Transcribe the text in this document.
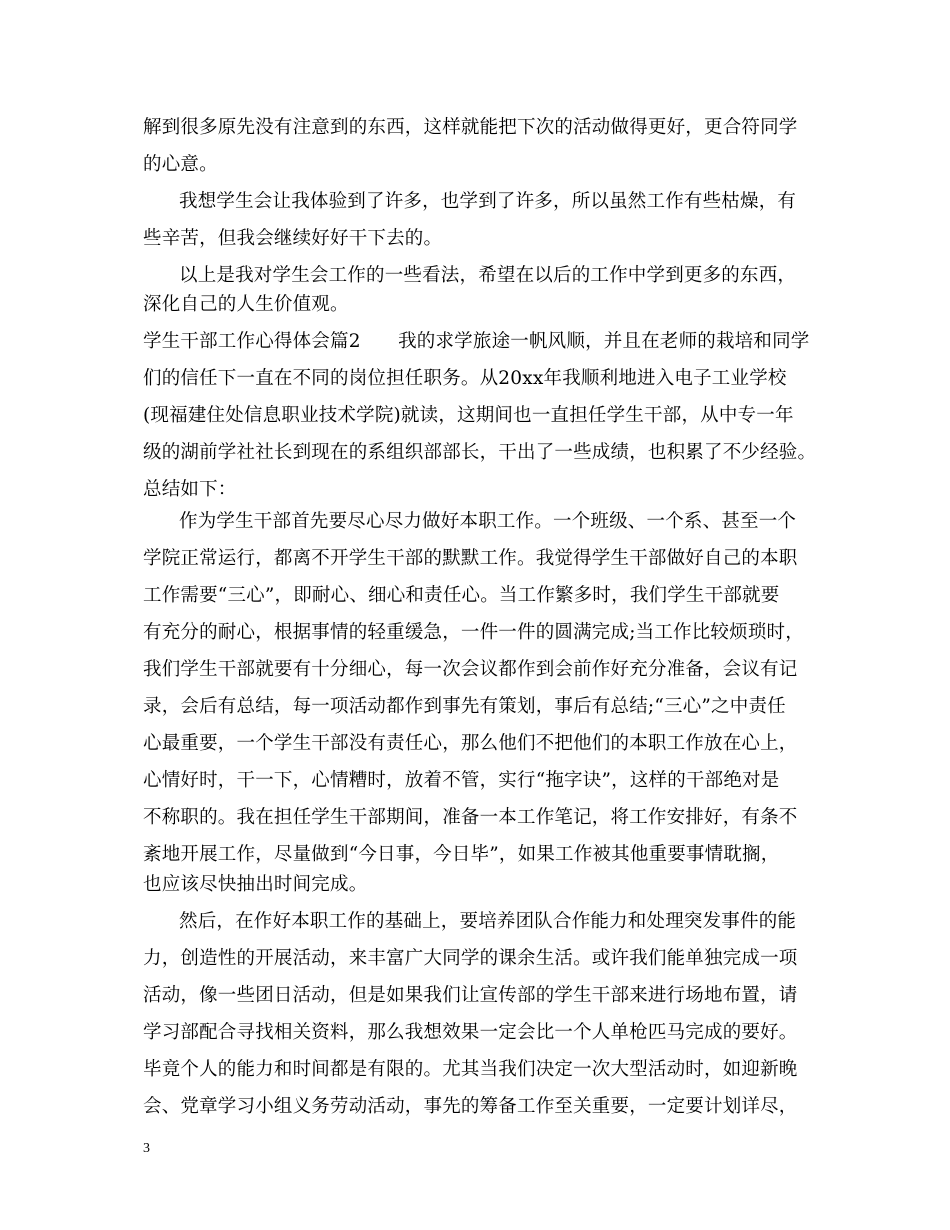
解到很多原先没有注意到的东西，这样就能把下次的活动做得更好，更合符同学
的心意。
我想学生会让我体验到了许多，也学到了许多，所以虽然工作有些枯燥，有
些辛苦，但我会继续好好干下去的。
以上是我对学生会工作的一些看法，希望在以后的工作中学到更多的东西，
深化自己的人生价值观。
学生干部工作心得体会篇2　　我的求学旅途一帆风顺，并且在老师的栽培和同学
们的信任下一直在不同的岗位担任职务。从20xx年我顺利地进入电子工业学校
(现福建住处信息职业技术学院)就读，这期间也一直担任学生干部，从中专一年
级的湖前学社社长到现在的系组织部部长，干出了一些成绩，也积累了不少经验。
总结如下：
作为学生干部首先要尽心尽力做好本职工作。一个班级、一个系、甚至一个
学院正常运行，都离不开学生干部的默默工作。我觉得学生干部做好自己的本职
工作需要“三心”，即耐心、细心和责任心。当工作繁多时，我们学生干部就要
有充分的耐心，根据事情的轻重缓急，一件一件的圆满完成;当工作比较烦琐时，
我们学生干部就要有十分细心，每一次会议都作到会前作好充分准备，会议有记
录，会后有总结，每一项活动都作到事先有策划，事后有总结;“三心”之中责任
心最重要，一个学生干部没有责任心，那么他们不把他们的本职工作放在心上，
心情好时，干一下，心情糟时，放着不管，实行“拖字诀”，这样的干部绝对是
不称职的。我在担任学生干部期间，准备一本工作笔记，将工作安排好，有条不
紊地开展工作，尽量做到“今日事，今日毕”，如果工作被其他重要事情耽搁，
也应该尽快抽出时间完成。
然后，在作好本职工作的基础上，要培养团队合作能力和处理突发事件的能
力，创造性的开展活动，来丰富广大同学的课余生活。或许我们能单独完成一项
活动，像一些团日活动，但是如果我们让宣传部的学生干部来进行场地布置，请
学习部配合寻找相关资料，那么我想效果一定会比一个人单枪匹马完成的要好。
毕竟个人的能力和时间都是有限的。尤其当我们决定一次大型活动时，如迎新晚
会、党章学习小组义务劳动活动，事先的筹备工作至关重要，一定要计划详尽，
3
